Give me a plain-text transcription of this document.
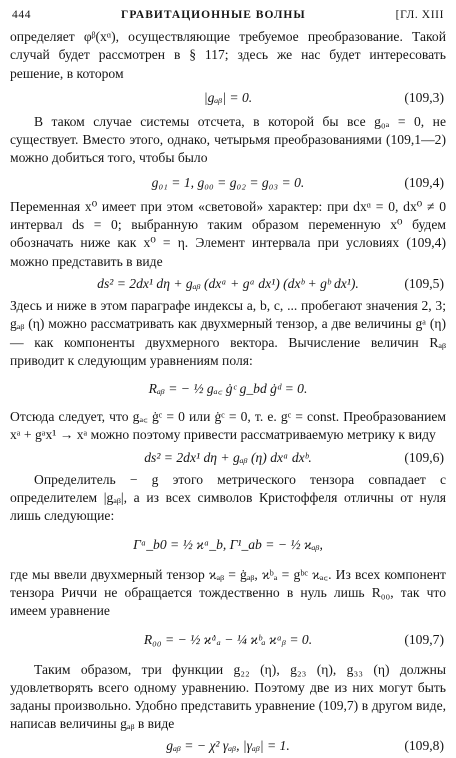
444	ГРАВИТАЦИОННЫЕ ВОЛНЫ	[ГЛ. XIII

определяет φᵝ(xᵅ), осуществляющие требуемое преобразование. Такой случай будет рассмотрен в § 117; здесь же нас будет интересовать решение, в котором

|gₐᵦ| = 0.	(109,3)

В таком случае системы отсчета, в которой бы все g₀ₐ = 0, не существует. Вместо этого, однако, четырьмя преобразованиями (109,1—2) можно добиться того, чтобы было

g₀₁ = 1, g₀₀ = g₀₂ = g₀₃ = 0.	(109,4)

Переменная x⁰ имеет при этом «световой» характер: при dxᵅ = 0, dx⁰ ≠ 0 интервал ds = 0; выбранную таким образом переменную x⁰ будем обозначать ниже как x⁰ = η. Элемент интервала при условиях (109,4) можно представить в виде

ds² = 2dx¹ dη + gₐᵦ (dxᵃ + gᵃ dx¹) (dxᵇ + gᵇ dx¹).	(109,5)

Здесь и ниже в этом параграфе индексы a, b, c, ... пробегают значения 2, 3; gₐᵦ (η) можно рассматривать как двухмерный тензор, а две величины gᵃ (η) — как компоненты двухмерного вектора. Вычисление величин Rₐᵦ приводит к следующим уравнениям поля:

Rₐᵦ = − ½ gₐ꜀ ġᶜ g_bd ġᵈ = 0.

Отсюда следует, что gₐ꜀ ġᶜ = 0 или ġᶜ = 0, т. е. gᶜ = const. Преобразованием xᵃ + gᵃx¹ → xᵃ можно поэтому привести рассматриваемую метрику к виду

ds² = 2dx¹ dη + gₐᵦ (η) dxᵃ dxᵇ.	(109,6)

Определитель − g этого метрического тензора совпадает с определителем |gₐᵦ|, а из всех символов Кристоффеля отличны от нуля лишь следующие:

Γᵃ_b0 = ½ ϰᵃ_b, Γ¹_ab = − ½ ϰₐᵦ,

где мы ввели двухмерный тензор ϰₐᵦ = ġₐᵦ, ϰᵇₐ = gᵇᶜ ϰₐ꜀. Из всех компонент тензора Риччи не обращается тождественно в нуль лишь R₀₀, так что имеем уравнение

R₀₀ = − ½ ϰ̇ᵃₐ − ¼ ϰᵇₐ ϰᵃᵦ = 0.	(109,7)

Таким образом, три функции g₂₂ (η), g₂₃ (η), g₃₃ (η) должны удовлетворять всего одному уравнению. Поэтому две из них могут быть заданы произвольно. Удобно представить уравнение (109,7) в другом виде, написав величины gₐᵦ в виде

gₐᵦ = − χ² γₐᵦ, |γₐᵦ| = 1.	(109,8)
